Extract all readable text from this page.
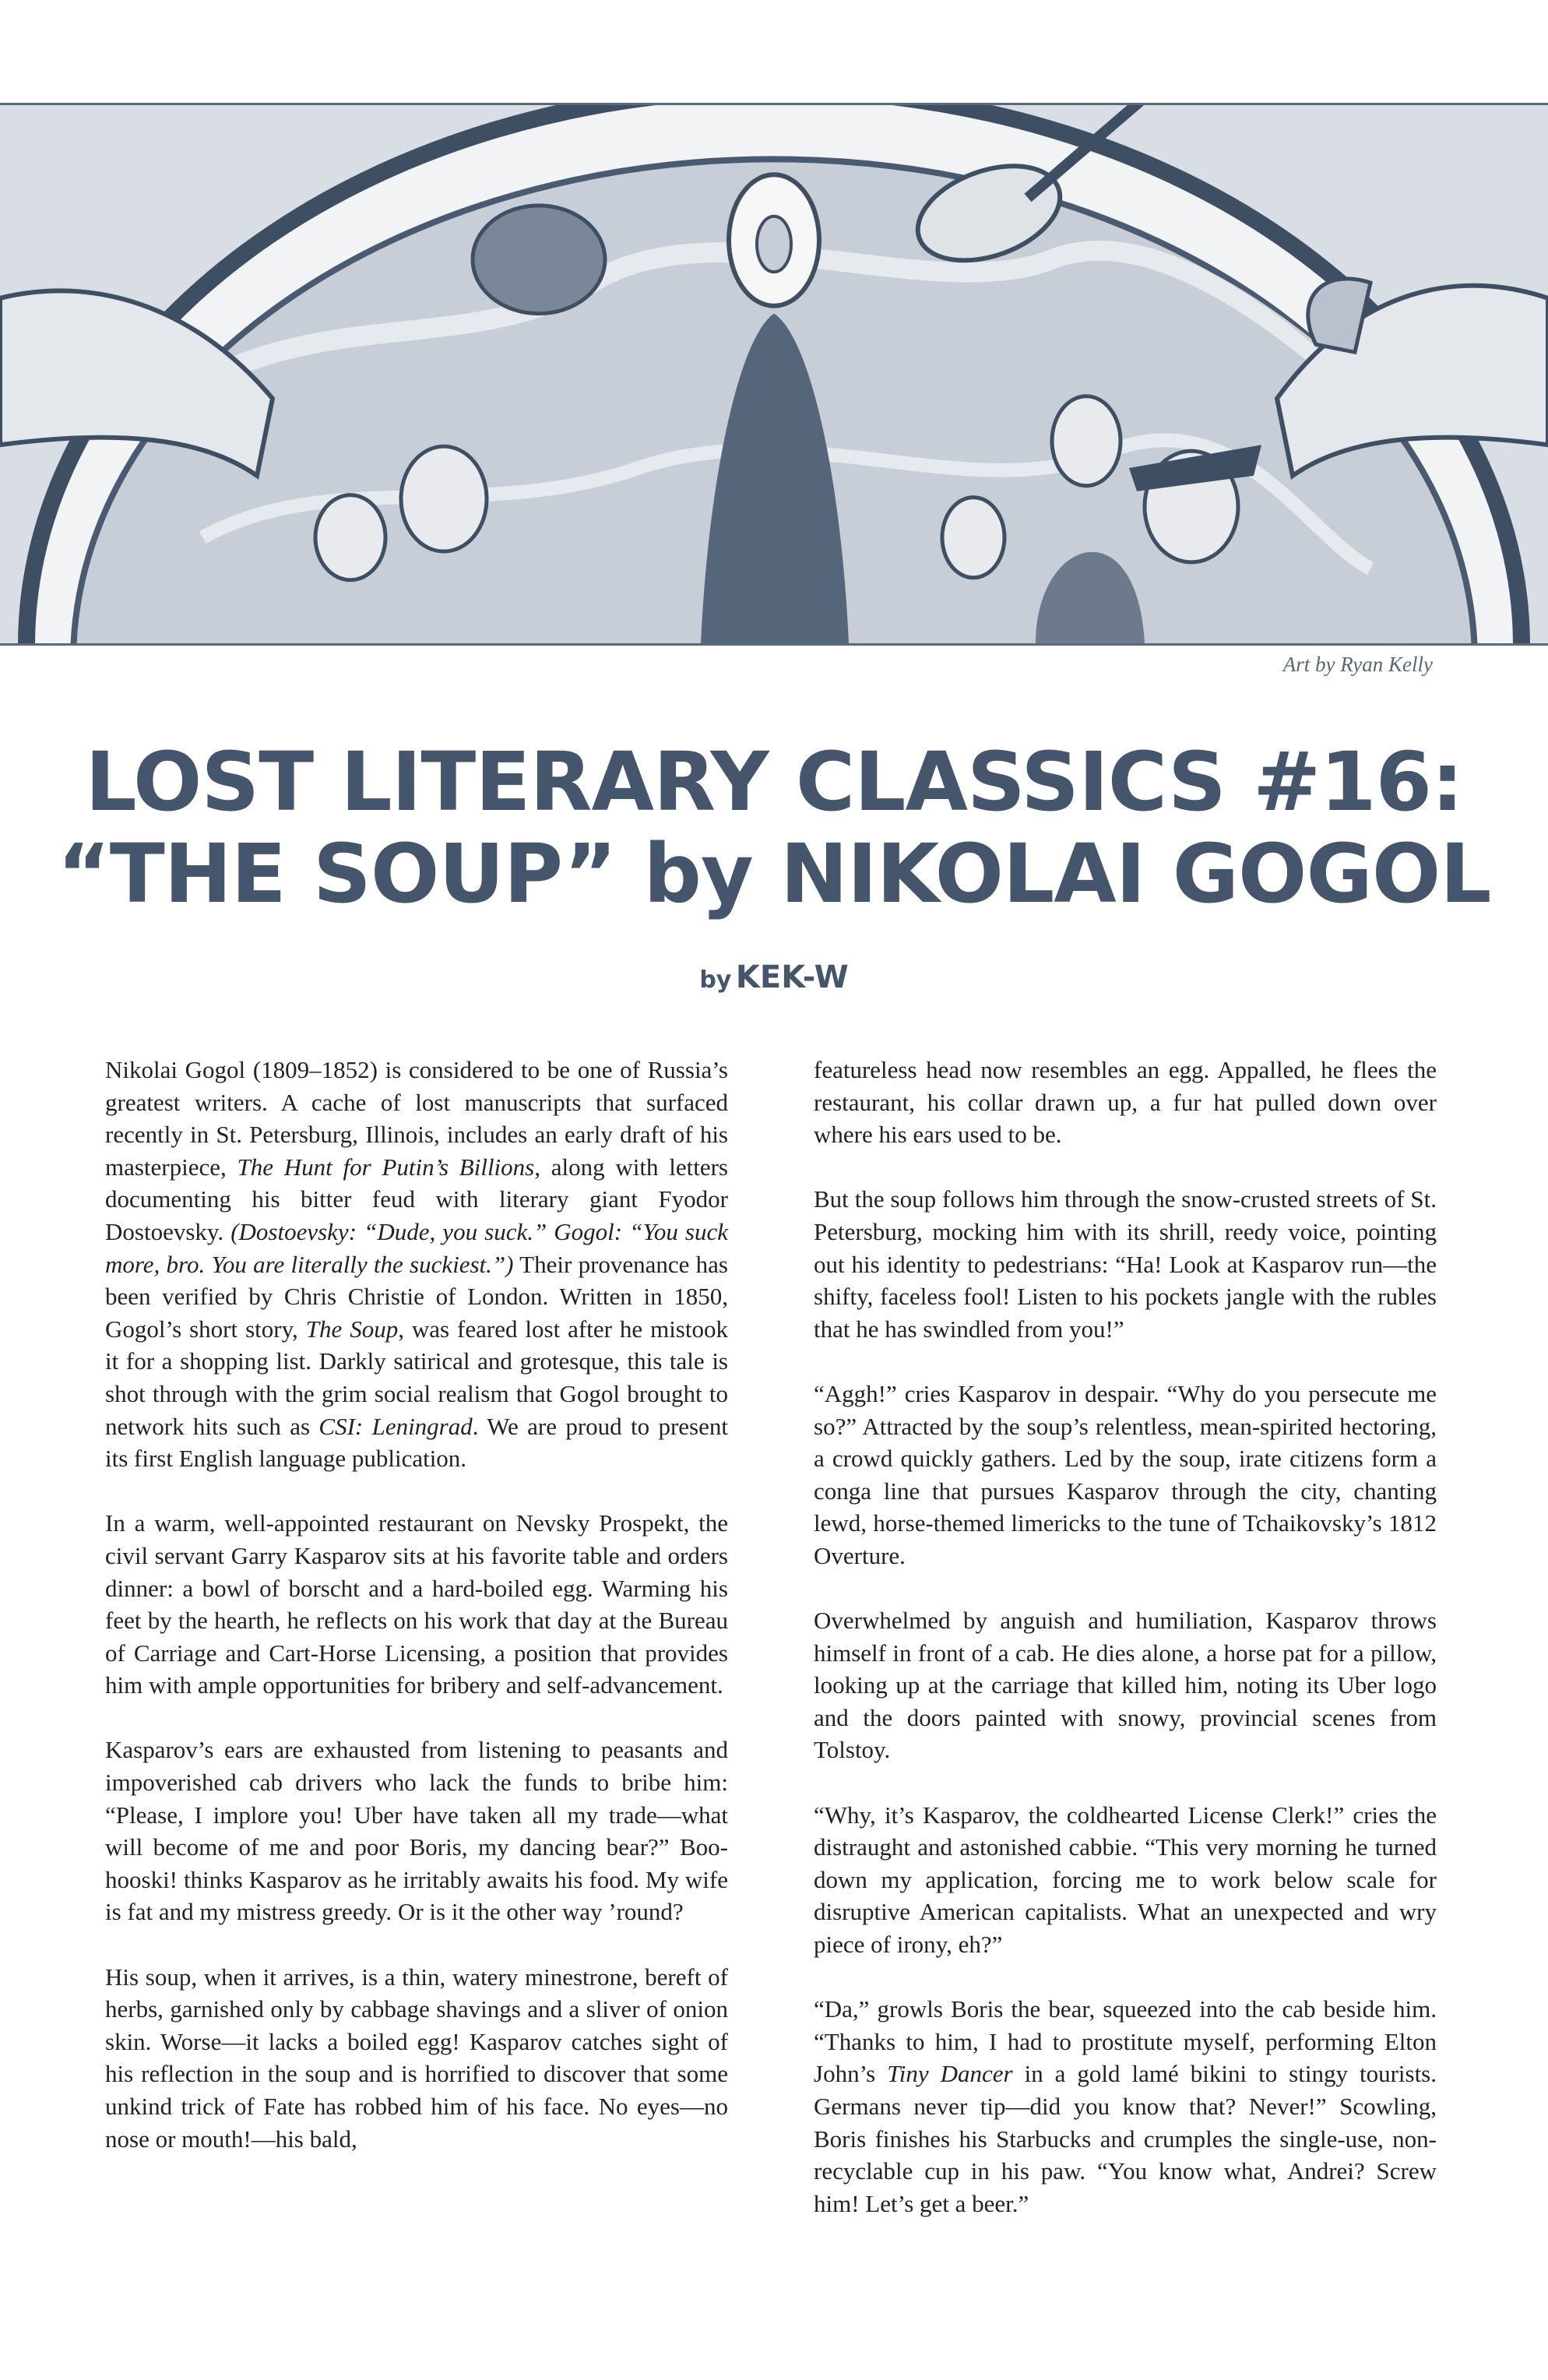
Art by Ryan Kelly
LOST LITERARY CLASSICS #16:
“THE SOUP” by NIKOLAI GOGOL
by KEK-W

Nikolai Gogol (1809–1852) is considered to be one of Russia’s greatest writers. A cache of lost manuscripts that surfaced recently in St. Petersburg, Illinois, includes an early draft of his masterpiece, The Hunt for Putin’s Billions, along with letters documenting his bitter feud with literary giant Fyodor Dostoevsky. (Dostoevsky: “Dude, you suck.” Gogol: “You suck more, bro. You are literally the suckiest.”) Their provenance has been verified by Chris Christie of London. Written in 1850, Gogol’s short story, The Soup, was feared lost after he mistook it for a shopping list. Darkly satirical and grotesque, this tale is shot through with the grim social realism that Gogol brought to network hits such as CSI: Leningrad. We are proud to present its first English language publication.

In a warm, well-appointed restaurant on Nevsky Prospekt, the civil servant Garry Kasparov sits at his favorite table and orders dinner: a bowl of borscht and a hard-boiled egg. Warming his feet by the hearth, he reflects on his work that day at the Bureau of Carriage and Cart-Horse Licensing, a position that provides him with ample opportunities for bribery and self-advancement.

Kasparov’s ears are exhausted from listening to peasants and impoverished cab drivers who lack the funds to bribe him: “Please, I implore you! Uber have taken all my trade—what will become of me and poor Boris, my dancing bear?” Boo-hooski! thinks Kasparov as he irritably awaits his food. My wife is fat and my mistress greedy. Or is it the other way ’round?

His soup, when it arrives, is a thin, watery minestrone, bereft of herbs, garnished only by cabbage shavings and a sliver of onion skin. Worse—it lacks a boiled egg! Kasparov catches sight of his reflection in the soup and is horrified to discover that some unkind trick of Fate has robbed him of his face. No eyes—no nose or mouth!—his bald,

featureless head now resembles an egg. Appalled, he flees the restaurant, his collar drawn up, a fur hat pulled down over where his ears used to be.

But the soup follows him through the snow-crusted streets of St. Petersburg, mocking him with its shrill, reedy voice, pointing out his identity to pedestrians: “Ha! Look at Kasparov run—the shifty, faceless fool! Listen to his pockets jangle with the rubles that he has swindled from you!”

“Aggh!” cries Kasparov in despair. “Why do you persecute me so?” Attracted by the soup’s relentless, mean-spirited hectoring, a crowd quickly gathers. Led by the soup, irate citizens form a conga line that pursues Kasparov through the city, chanting lewd, horse-themed limericks to the tune of Tchaikovsky’s 1812 Overture.

Overwhelmed by anguish and humiliation, Kasparov throws himself in front of a cab. He dies alone, a horse pat for a pillow, looking up at the carriage that killed him, noting its Uber logo and the doors painted with snowy, provincial scenes from Tolstoy.

“Why, it’s Kasparov, the coldhearted License Clerk!” cries the distraught and astonished cabbie. “This very morning he turned down my application, forcing me to work below scale for disruptive American capitalists. What an unexpected and wry piece of irony, eh?”

“Da,” growls Boris the bear, squeezed into the cab beside him. “Thanks to him, I had to prostitute myself, performing Elton John’s Tiny Dancer in a gold lamé bikini to stingy tourists. Germans never tip—did you know that? Never!” Scowling, Boris finishes his Starbucks and crumples the single-use, non-recyclable cup in his paw. “You know what, Andrei? Screw him! Let’s get a beer.”
